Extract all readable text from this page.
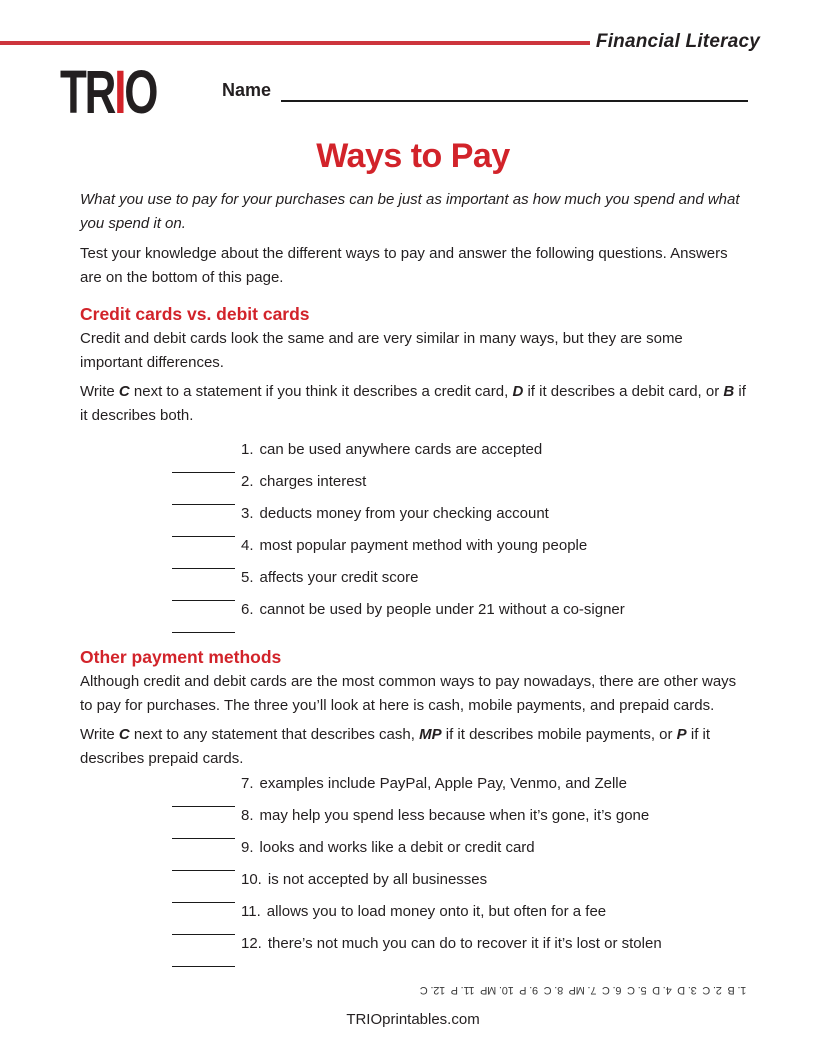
Financial Literacy
TRIO	Name
Ways to Pay

What you use to pay for your purchases can be just as important as how much you spend and what you spend it on.

Test your knowledge about the different ways to pay and answer the following questions. Answers are on the bottom of this page.

Credit cards vs. debit cards

Credit and debit cards look the same and are very similar in many ways, but they are some important differences.

Write C next to a statement if you think it describes a credit card, D if it describes a debit card, or B if it describes both.

1. can be used anywhere cards are accepted
2. charges interest
3. deducts money from your checking account
4. most popular payment method with young people
5. affects your credit score
6. cannot be used by people under 21 without a co-signer
Other payment methods

Although credit and debit cards are the most common ways to pay nowadays, there are other ways to pay for purchases. The three you’ll look at here is cash, mobile payments, and prepaid cards.

Write C next to any statement that describes cash, MP if it describes mobile payments, or P if it describes prepaid cards.

7. examples include PayPal, Apple Pay, Venmo, and Zelle
8. may help you spend less because when it’s gone, it’s gone
9. looks and works like a debit or credit card
10. is not accepted by all businesses
11. allows you to load money onto it, but often for a fee
12. there’s not much you can do to recover it if it’s lost or stolen
1. B  2. C  3. D  4. D  5. C  6. C  7. MP  8. C  9. P  10. MP  11. P  12. C
TRIOprintables.com
